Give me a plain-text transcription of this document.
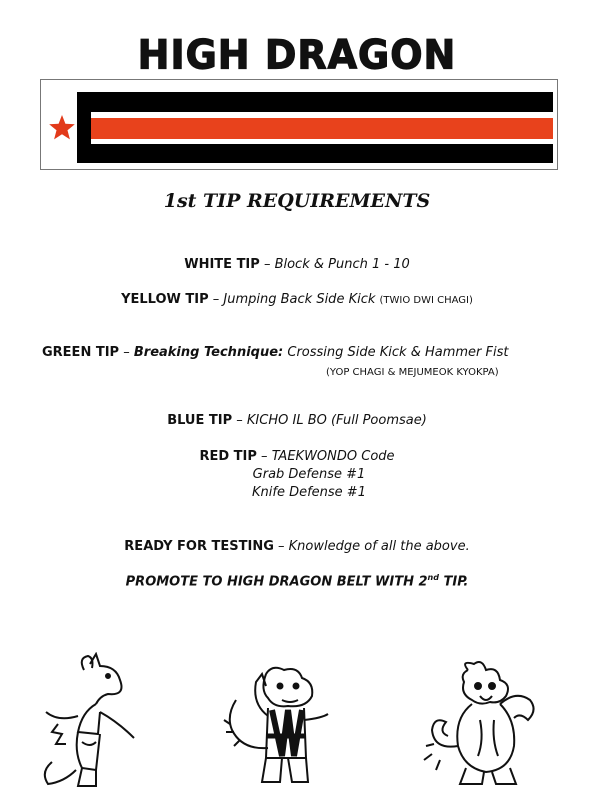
HIGH DRAGON
1st TIP REQUIREMENTS
WHITE TIP – Block & Punch 1 - 10
YELLOW TIP – Jumping Back Side Kick (TWIO DWI CHAGI)
GREEN TIP – Breaking Technique: Crossing Side Kick & Hammer Fist
(YOP CHAGI & MEJUMEOK KYOKPA)
BLUE TIP – KICHO IL BO (Full Poomsae)
RED TIP – TAEKWONDO Code
Grab Defense #1
Knife Defense #1
READY FOR TESTING – Knowledge of all the above.
PROMOTE TO HIGH DRAGON BELT WITH 2nd TIP.
